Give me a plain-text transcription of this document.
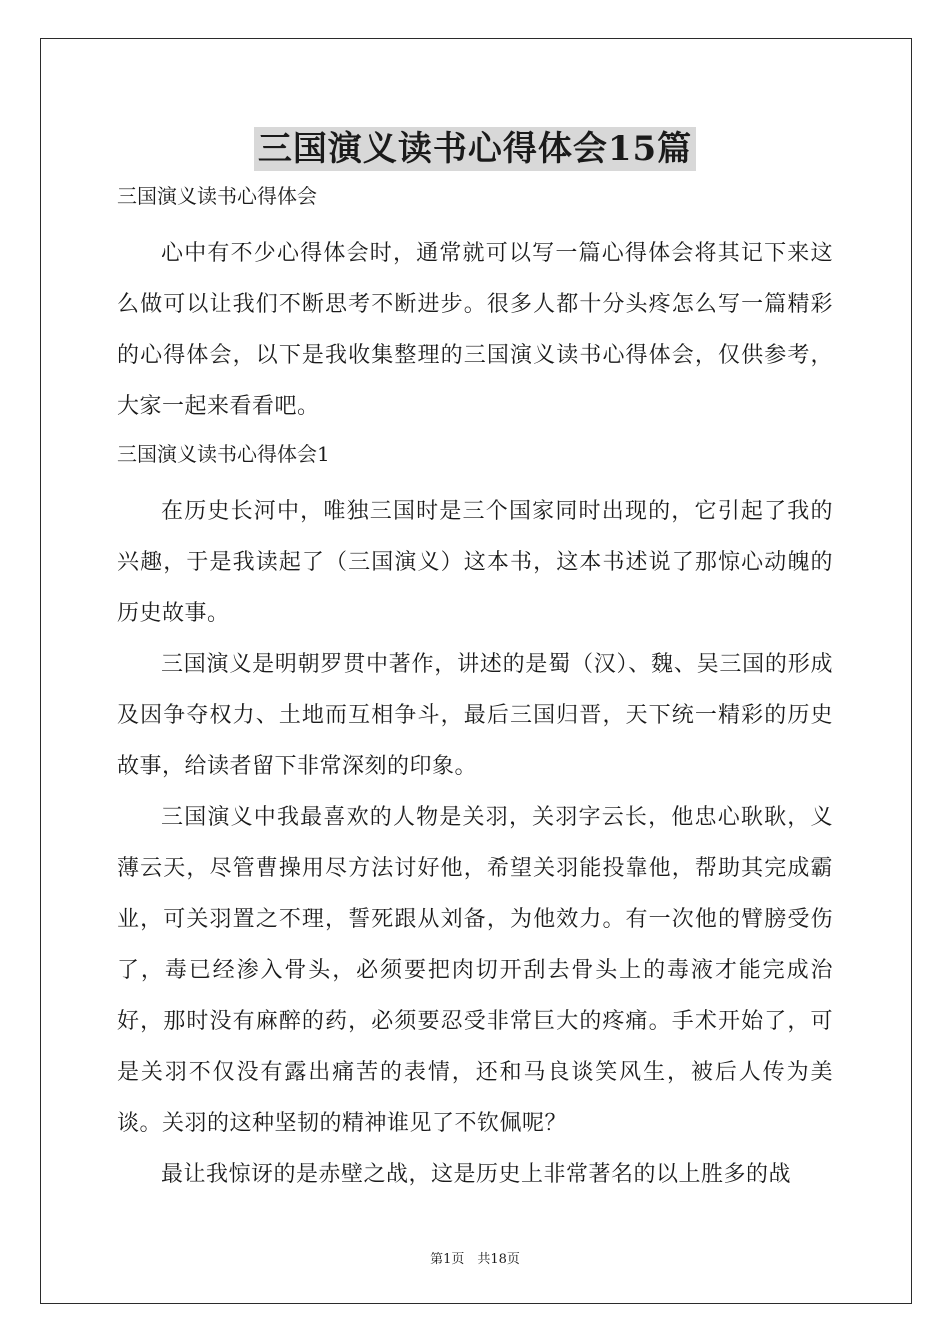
三国演义读书心得体会15篇
三国演义读书心得体会

心中有不少心得体会时，通常就可以写一篇心得体会将其记下来这么做可以让我们不断思考不断进步。很多人都十分头疼怎么写一篇精彩的心得体会，以下是我收集整理的三国演义读书心得体会，仅供参考，大家一起来看看吧。

三国演义读书心得体会1

在历史长河中，唯独三国时是三个国家同时出现的，它引起了我的兴趣，于是我读起了（三国演义）这本书，这本书述说了那惊心动魄的历史故事。

三国演义是明朝罗贯中著作，讲述的是蜀（汉）、魏、吴三国的形成及因争夺权力、土地而互相争斗，最后三国归晋，天下统一精彩的历史故事，给读者留下非常深刻的印象。

三国演义中我最喜欢的人物是关羽，关羽字云长，他忠心耿耿，义薄云天，尽管曹操用尽方法讨好他，希望关羽能投靠他，帮助其完成霸业，可关羽置之不理，誓死跟从刘备，为他效力。有一次他的臂膀受伤了，毒已经渗入骨头，必须要把肉切开刮去骨头上的毒液才能完成治好，那时没有麻醉的药，必须要忍受非常巨大的疼痛。手术开始了，可是关羽不仅没有露出痛苦的表情，还和马良谈笑风生，被后人传为美谈。关羽的这种坚韧的精神谁见了不钦佩呢？

最让我惊讶的是赤壁之战，这是历史上非常著名的以上胜多的战

第1页　共18页
